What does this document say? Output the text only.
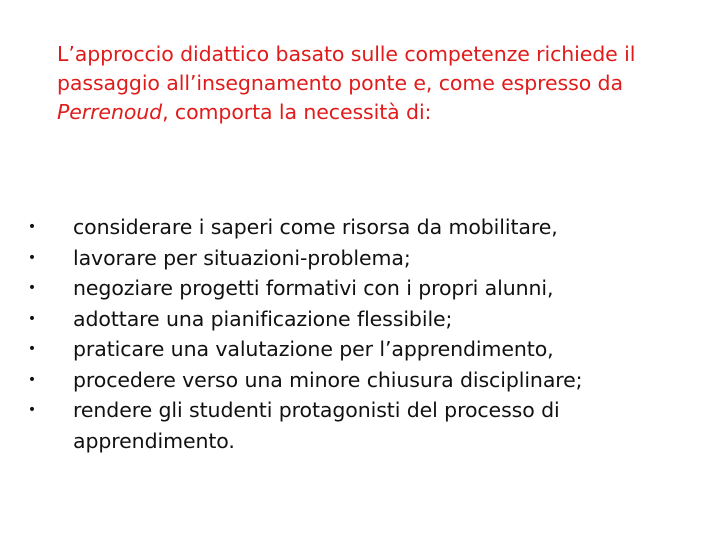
L’approccio didattico basato sulle competenze richiede il passaggio all’insegnamento ponte e, come espresso da Perrenoud, comporta la necessità di:

• considerare i saperi come risorsa da mobilitare,
• lavorare per situazioni-problema;
• negoziare progetti formativi con i propri alunni,
• adottare una pianificazione flessibile;
• praticare una valutazione per l’apprendimento,
• procedere verso una minore chiusura disciplinare;
• rendere gli studenti protagonisti del processo di apprendimento.
